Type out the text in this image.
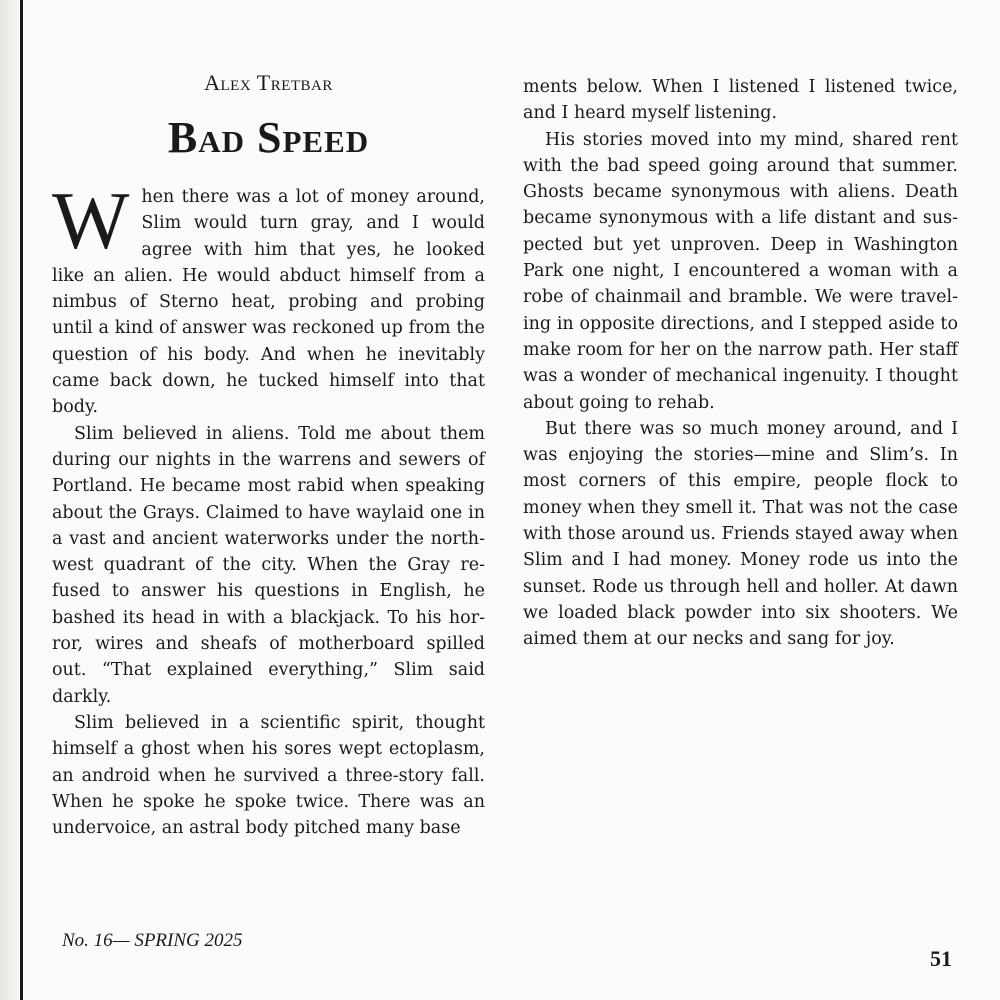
Alex Tretbar
Bad Speed

When there was a lot of money around, Slim would turn gray, and I would agree with him that yes, he looked like an alien. He would abduct himself from a nimbus of Sterno heat, probing and probing until a kind of answer was reckoned up from the question of his body. And when he inevitably came back down, he tucked himself into that body.

Slim believed in aliens. Told me about them during our nights in the warrens and sewers of Portland. He became most rabid when speaking about the Grays. Claimed to have waylaid one in a vast and ancient waterworks under the northwest quadrant of the city. When the Gray refused to answer his questions in English, he bashed its head in with a blackjack. To his horror, wires and sheafs of motherboard spilled out. “That explained everything,” Slim said darkly.

Slim believed in a scientific spirit, thought himself a ghost when his sores wept ectoplasm, an android when he survived a three-story fall. When he spoke he spoke twice. There was an undervoice, an astral body pitched many base

ments below. When I listened I listened twice, and I heard myself listening.

His stories moved into my mind, shared rent with the bad speed going around that summer. Ghosts became synonymous with aliens. Death became synonymous with a life distant and suspected but yet unproven. Deep in Washington Park one night, I encountered a woman with a robe of chainmail and bramble. We were traveling in opposite directions, and I stepped aside to make room for her on the narrow path. Her staff was a wonder of mechanical ingenuity. I thought about going to rehab.

But there was so much money around, and I was enjoying the stories—mine and Slim’s. In most corners of this empire, people flock to money when they smell it. That was not the case with those around us. Friends stayed away when Slim and I had money. Money rode us into the sunset. Rode us through hell and holler. At dawn we loaded black powder into six shooters. We aimed them at our necks and sang for joy.

No. 16— SPRING 2025
51
